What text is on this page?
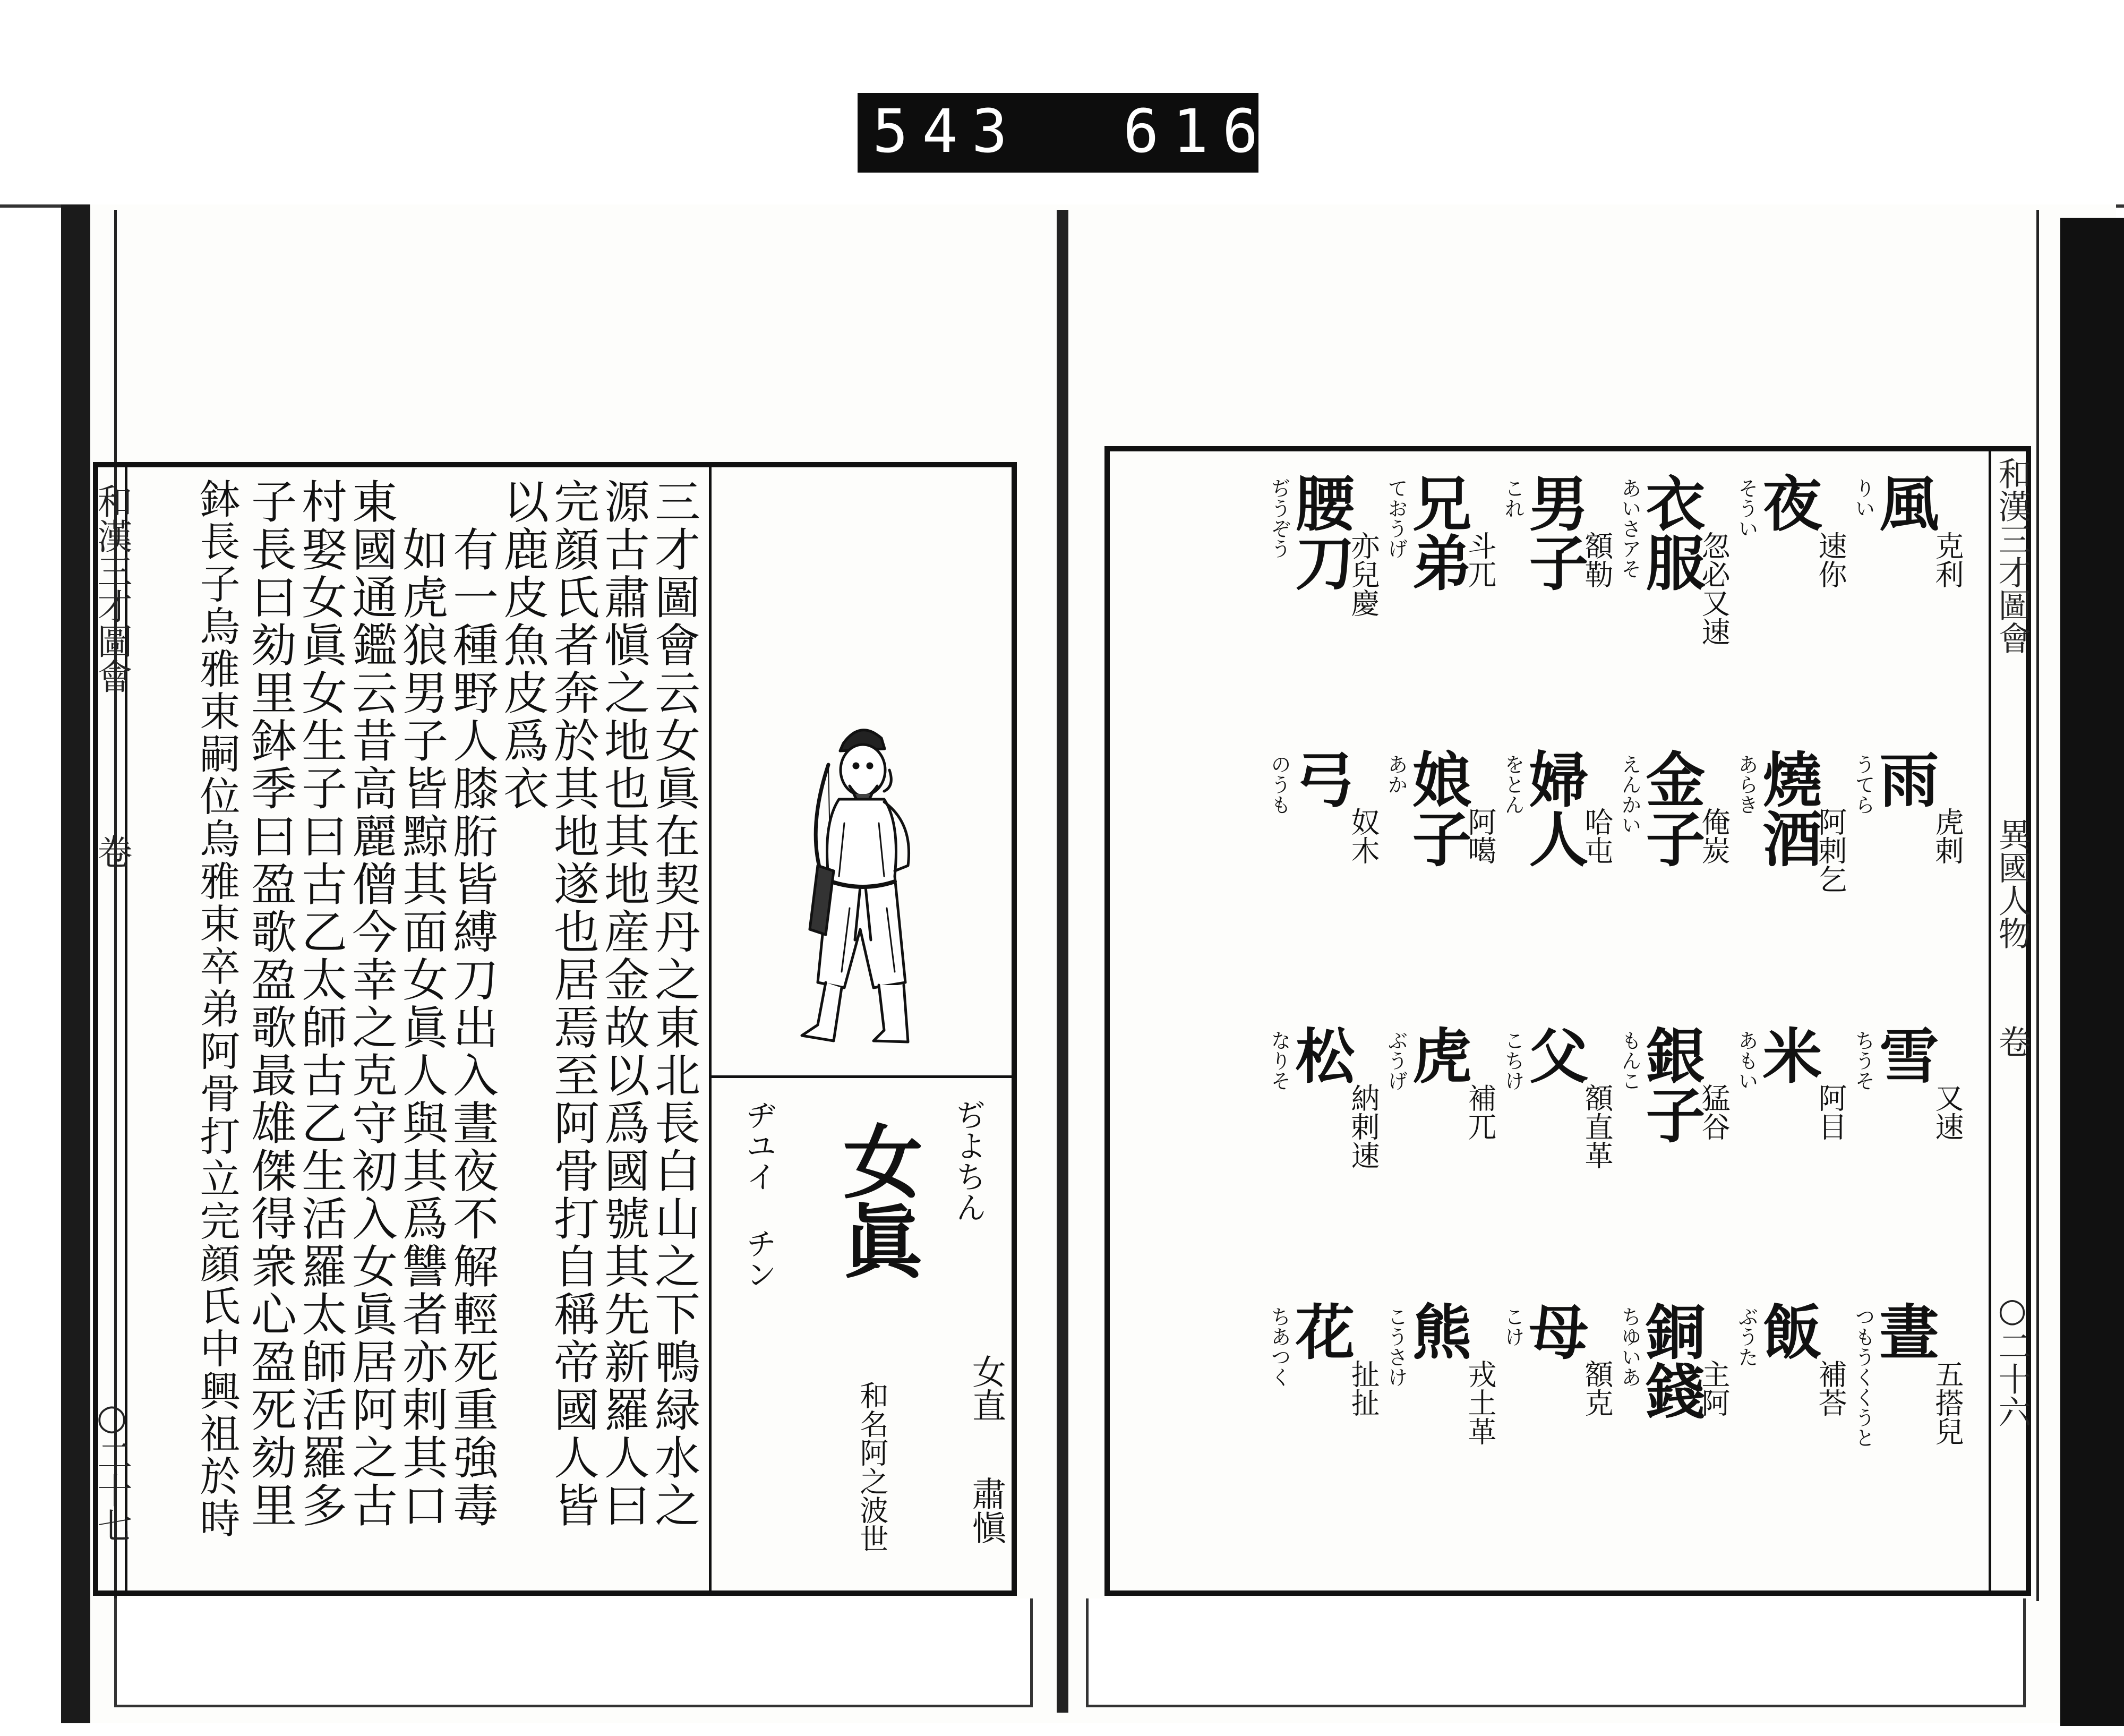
543 616.
和漢三才圖會
卷
○二十七	三才圖會云女眞在契丹之東北長白山之下鴨緑水之
源古肅愼之地也其地産金故以爲國號其先新羅人曰
完顔氏者奔於其地遂也居焉至阿骨打自稱帝國人皆
以鹿皮魚皮爲衣
有一種野人膝胻皆縛刀出入晝夜不解輕死重強毒
如虎狼男子皆黥其面女眞人與其爲讐者亦剌其口
東國通鑑云昔高麗僧今幸之克守初入女眞居阿之古
村娶女眞女生子曰古乙太師古乙生活羅太師活羅多
子長曰劾里鉢季曰盈歌盈歌最雄傑得衆心盈死劾里
鉢長子烏雅束嗣位烏雅束卒弟阿骨打立完顔氏中興祖於時	女眞 ぢよちん
ヂユイ チン
女直
肅愼
和名阿之波世
和漢三才圖會
異國人物
卷
○二十六
りい
風
克利
そうい
夜
速你
あいさアそ
衣服
忽必又速
これ
男子
額勒
ておうげ
兄弟
斗兀
ぢうぞう
腰刀
亦兒慶
うてら
雨
虎剌
あらき
燒酒
阿剌乞
えんかい
金子
俺炭
をとん
婦人
哈屯
あか
娘子
阿噶
のうも
弓
奴木
ちうそ
雪
又速
あもい
米
阿目
もんこ
銀子
猛谷
こちけ
父
額直革
ぶうげ
虎
補兀
なりそ
松
納剌速
つもうくくうと
晝
五搭兒
ぶうた
飯
補荅
ちゆいあ
銅錢
主阿
こけ
母
額克
こうさけ
熊
戎土革
ちあつく
花
扯扯
